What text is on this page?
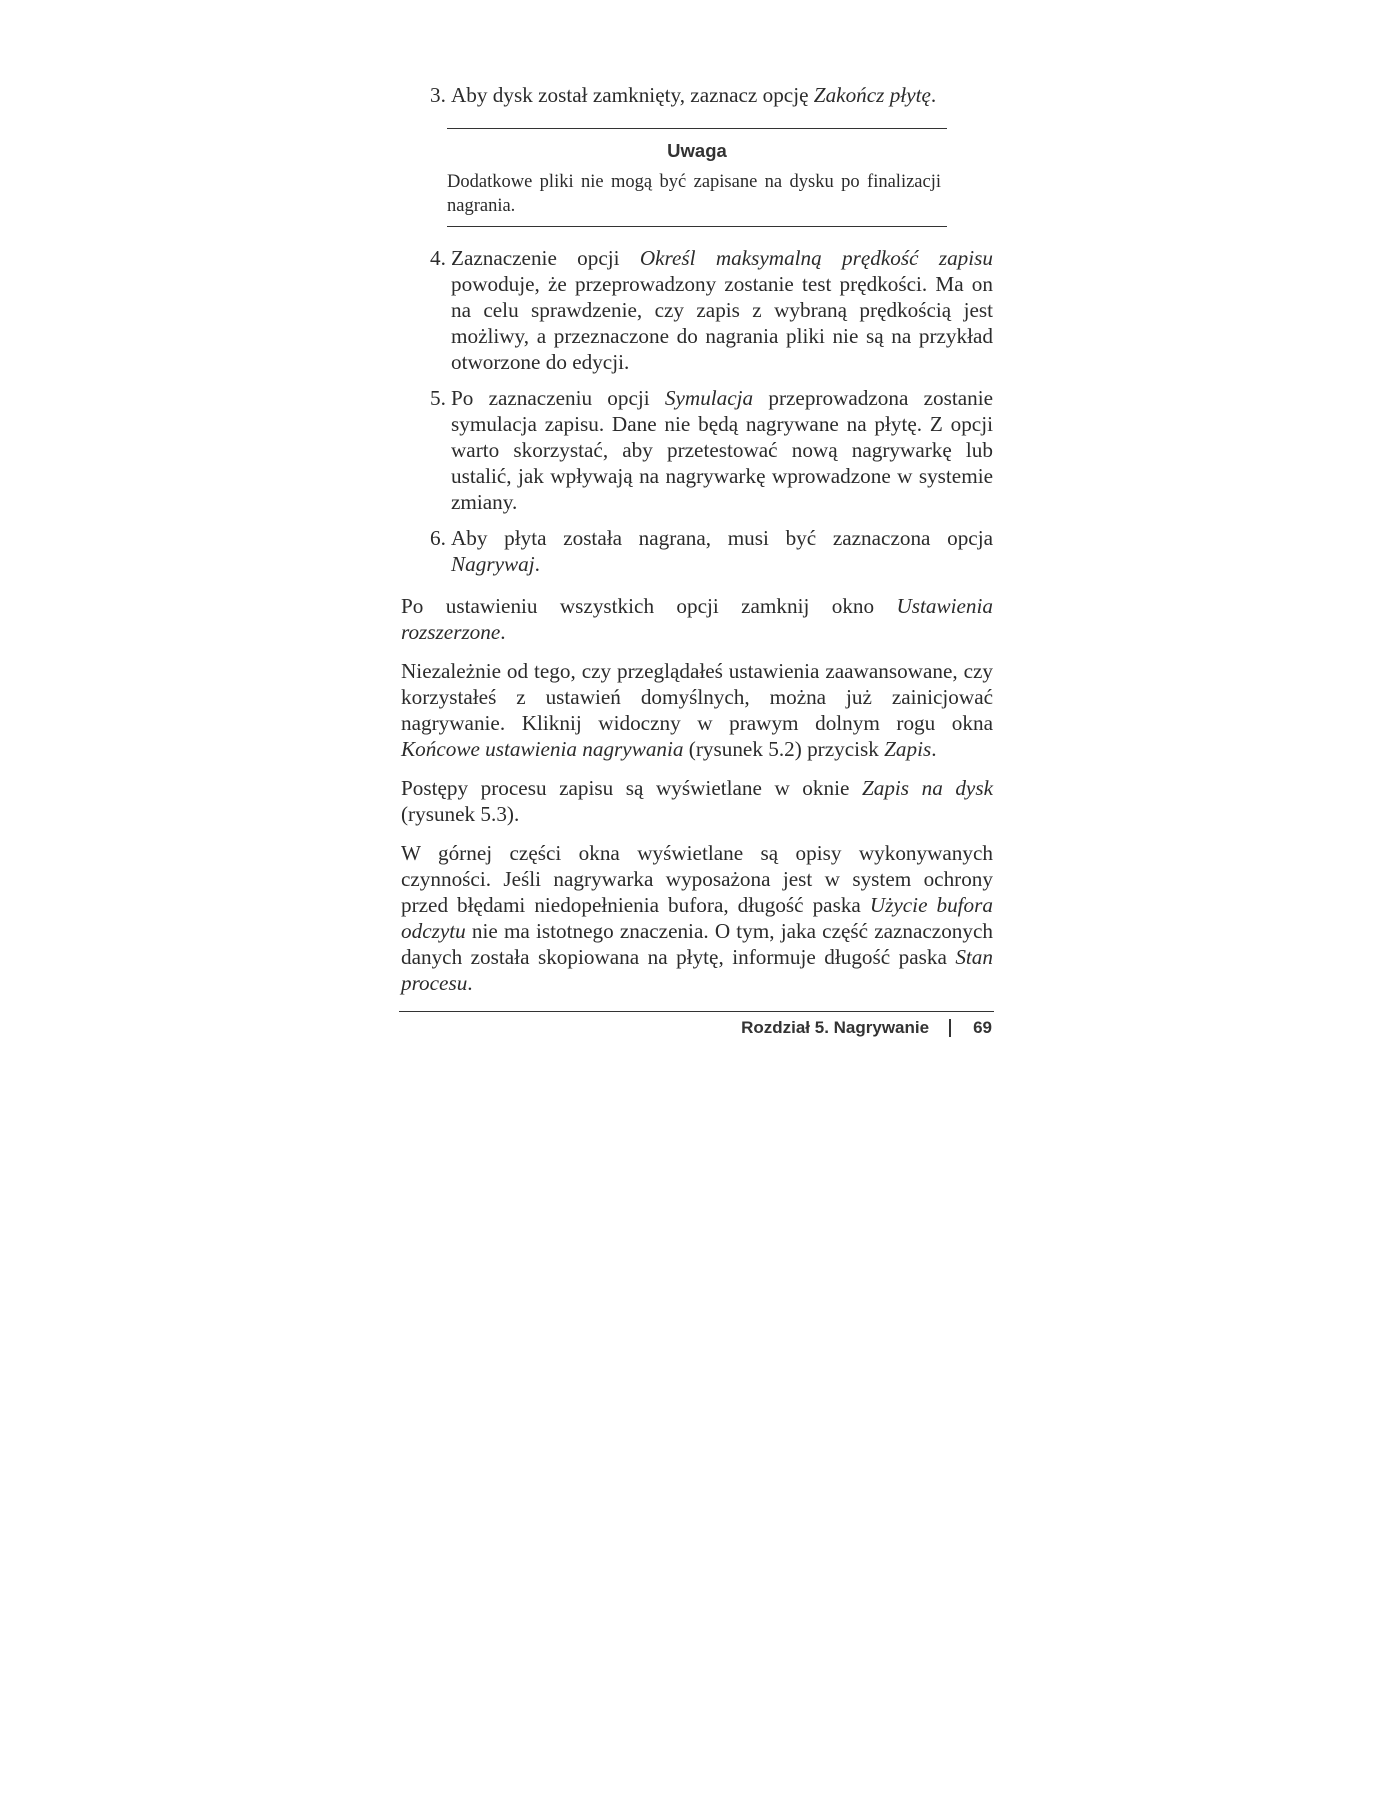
3. Aby dysk został zamknięty, zaznacz opcję Zakończ płytę.
Uwaga
Dodatkowe pliki nie mogą być zapisane na dysku po finalizacji nagrania.
4. Zaznaczenie opcji Określ maksymalną prędkość zapisu powoduje, że przeprowadzony zostanie test prędkości. Ma on na celu sprawdzenie, czy zapis z wybraną prędkością jest możliwy, a przeznaczone do nagrania pliki nie są na przykład otworzone do edycji.
5. Po zaznaczeniu opcji Symulacja przeprowadzona zostanie symulacja zapisu. Dane nie będą nagrywane na płytę. Z opcji warto skorzystać, aby przetestować nową nagrywarkę lub ustalić, jak wpływają na nagrywarkę wprowadzone w systemie zmiany.
6. Aby płyta została nagrana, musi być zaznaczona opcja Nagrywaj.

Po ustawieniu wszystkich opcji zamknij okno Ustawienia rozszerzone.

Niezależnie od tego, czy przeglądałeś ustawienia zaawansowane, czy korzystałeś z ustawień domyślnych, można już zainicjować nagrywanie. Kliknij widoczny w prawym dolnym rogu okna Końcowe ustawienia nagrywania (rysunek 5.2) przycisk Zapis.

Postępy procesu zapisu są wyświetlane w oknie Zapis na dysk (rysunek 5.3).

W górnej części okna wyświetlane są opisy wykonywanych czynności. Jeśli nagrywarka wyposażona jest w system ochrony przed błędami niedopełnienia bufora, długość paska Użycie bufora odczytu nie ma istotnego znaczenia. O tym, jaka część zaznaczonych danych została skopiowana na płytę, informuje długość paska Stan procesu.

Rozdział 5. Nagrywanie	69
